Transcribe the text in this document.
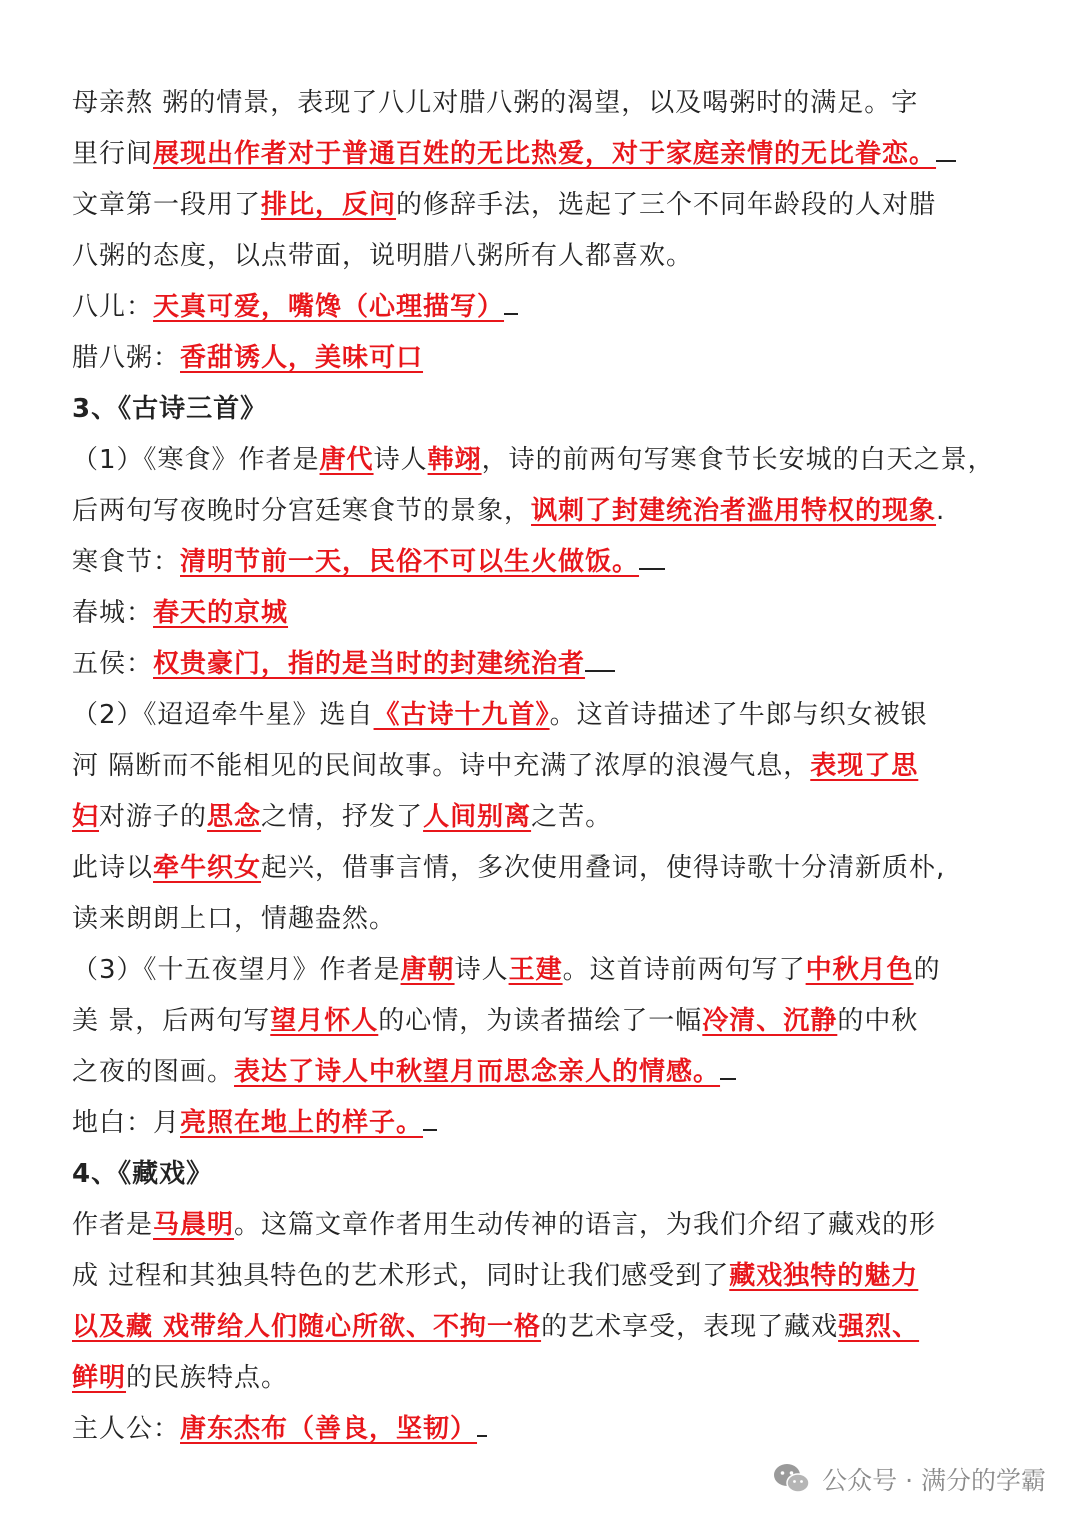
母亲熬 粥的情景，表现了八儿对腊八粥的渴望，以及喝粥时的满足。字
里行间展现出作者对于普通百姓的无比热爱，对于家庭亲情的无比眷恋。
文章第一段用了排比，反问的修辞手法，选起了三个不同年龄段的人对腊
八粥的态度，以点带面，说明腊八粥所有人都喜欢。
八儿：天真可爱，嘴馋（心理描写）
腊八粥：香甜诱人，美味可口
3、《古诗三首》
（1）《寒食》作者是唐代诗人韩翊，诗的前两句写寒食节长安城的白天之景，
后两句写夜晚时分宫廷寒食节的景象，讽刺了封建统治者滥用特权的现象.
寒食节：清明节前一天，民俗不可以生火做饭。
春城：春天的京城
五侯：权贵豪门，指的是当时的封建统治者
（2）《迢迢牵牛星》选自《古诗十九首》。这首诗描述了牛郎与织女被银
河 隔断而不能相见的民间故事。诗中充满了浓厚的浪漫气息，表现了思
妇对游子的思念之情，抒发了人间别离之苦。
此诗以牵牛织女起兴，借事言情，多次使用叠词，使得诗歌十分清新质朴,
读来朗朗上口，情趣盎然。
（3）《十五夜望月》作者是唐朝诗人王建。这首诗前两句写了中秋月色的
美 景，后两句写望月怀人的心情，为读者描绘了一幅冷清、沉静的中秋
之夜的图画。表达了诗人中秋望月而思念亲人的情感。
地白：月亮照在地上的样子。
4、《藏戏》
作者是马晨明。这篇文章作者用生动传神的语言，为我们介绍了藏戏的形
成 过程和其独具特色的艺术形式，同时让我们感受到了藏戏独特的魅力
以及藏 戏带给人们随心所欲、不拘一格的艺术享受，表现了藏戏强烈、
鲜明的民族特点。
主人公：唐东杰布（善良，坚韧）
公众号 · 满分的学霸
